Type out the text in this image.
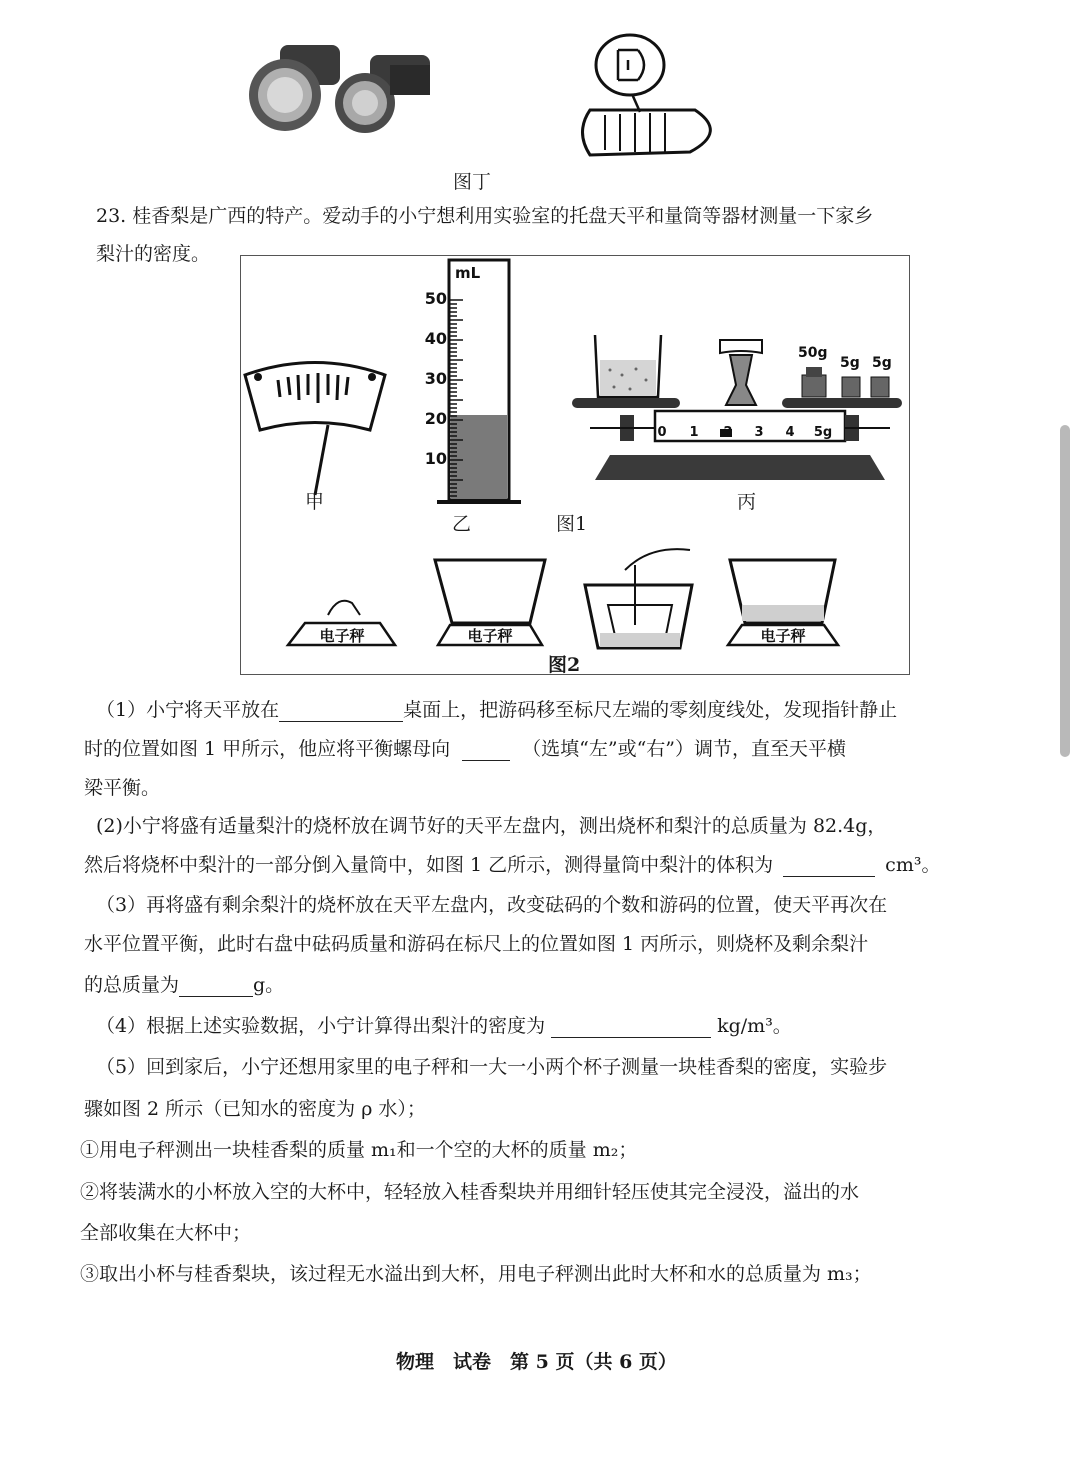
图丁
23. 桂香梨是广西的特产。爱动手的小宁想利用实验室的托盘天平和量筒等器材测量一下家乡
梨汁的密度。
甲
mL
50
40
30
20
10
乙	图1
50g
5g 5g
0 1 2 3 4 5g
丙
电子秤	电子秤	电子秤
图2
（1）小宁将天平放在	桌面上，把游码移至标尺左端的零刻度线处，发现指针静止
时的位置如图 1 甲所示，他应将平衡螺母向	（选填“左”或“右”）调节，直至天平横
梁平衡。
(2)小宁将盛有适量梨汁的烧杯放在调节好的天平左盘内，测出烧杯和梨汁的总质量为 82.4g，
然后将烧杯中梨汁的一部分倒入量筒中，如图 1 乙所示，测得量筒中梨汁的体积为	cm³。
（3）再将盛有剩余梨汁的烧杯放在天平左盘内，改变砝码的个数和游码的位置，使天平再次在
水平位置平衡，此时右盘中砝码质量和游码在标尺上的位置如图 1 丙所示，则烧杯及剩余梨汁
的总质量为	g。
（4）根据上述实验数据，小宁计算得出梨汁的密度为	kg/m³。
（5）回到家后，小宁还想用家里的电子秤和一大一小两个杯子测量一块桂香梨的密度，实验步
骤如图 2 所示（已知水的密度为 ρ 水）；
①用电子秤测出一块桂香梨的质量 m₁和一个空的大杯的质量 m₂；
②将装满水的小杯放入空的大杯中，轻轻放入桂香梨块并用细针轻压使其完全浸没，溢出的水
全部收集在大杯中；
③取出小杯与桂香梨块，该过程无水溢出到大杯，用电子秤测出此时大杯和水的总质量为 m₃；
物理　试卷　第 5 页（共 6 页）
